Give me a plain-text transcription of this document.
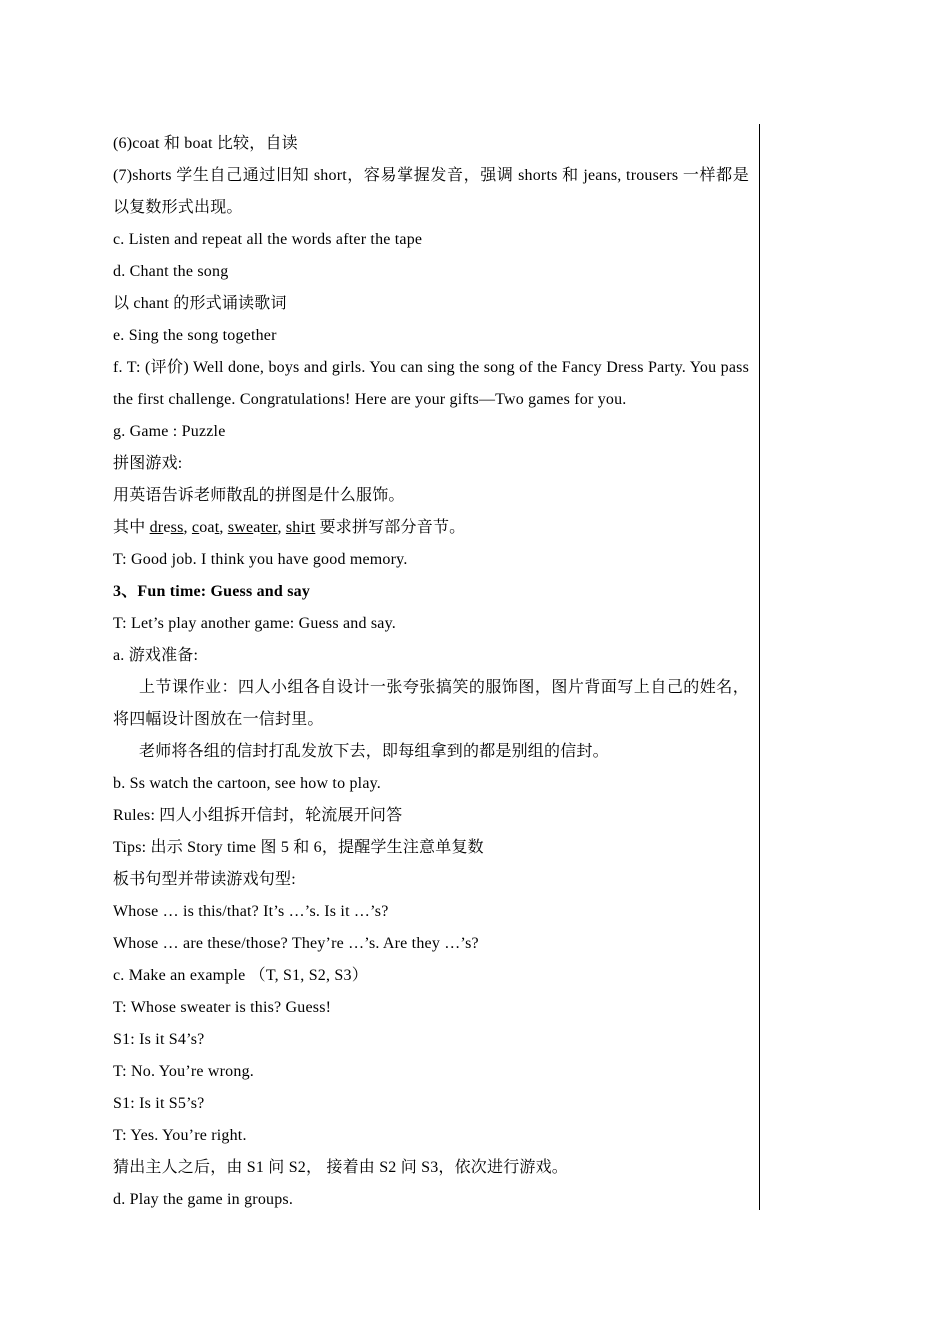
(6)coat 和 boat 比较，自读

(7)shorts 学生自己通过旧知 short，容易掌握发音，强调 shorts 和 jeans, trousers 一样都是以复数形式出现。

c. Listen and repeat all the words after the tape

d. Chant the song

以 chant 的形式诵读歌词

e. Sing the song together

f. T: (评价) Well done, boys and girls. You can sing the song of the Fancy Dress Party. You pass the first challenge. Congratulations! Here are your gifts—Two games for you.

g. Game : Puzzle

拼图游戏:

用英语告诉老师散乱的拼图是什么服饰。

其中 dress, coat, sweater, shirt 要求拼写部分音节。

T: Good job. I think you have good memory.

3、Fun time: Guess and say

T: Let’s play another game: Guess and say.

a. 游戏准备:

上节课作业：四人小组各自设计一张夸张搞笑的服饰图，图片背面写上自己的姓名，将四幅设计图放在一信封里。

老师将各组的信封打乱发放下去，即每组拿到的都是别组的信封。

b. Ss watch the cartoon, see how to play.

Rules: 四人小组拆开信封，轮流展开问答

Tips: 出示 Story time 图 5 和 6，提醒学生注意单复数

板书句型并带读游戏句型:

Whose … is this/that? It’s …’s. Is it …’s?

Whose … are these/those? They’re …’s. Are they …’s?

c. Make an example （T, S1, S2, S3）

T: Whose sweater is this? Guess!

S1: Is it S4’s?

T: No. You’re wrong.

S1: Is it S5’s?

T: Yes. You’re right.

猜出主人之后，由 S1 问 S2， 接着由 S2 问 S3，依次进行游戏。

d. Play the game in groups.
